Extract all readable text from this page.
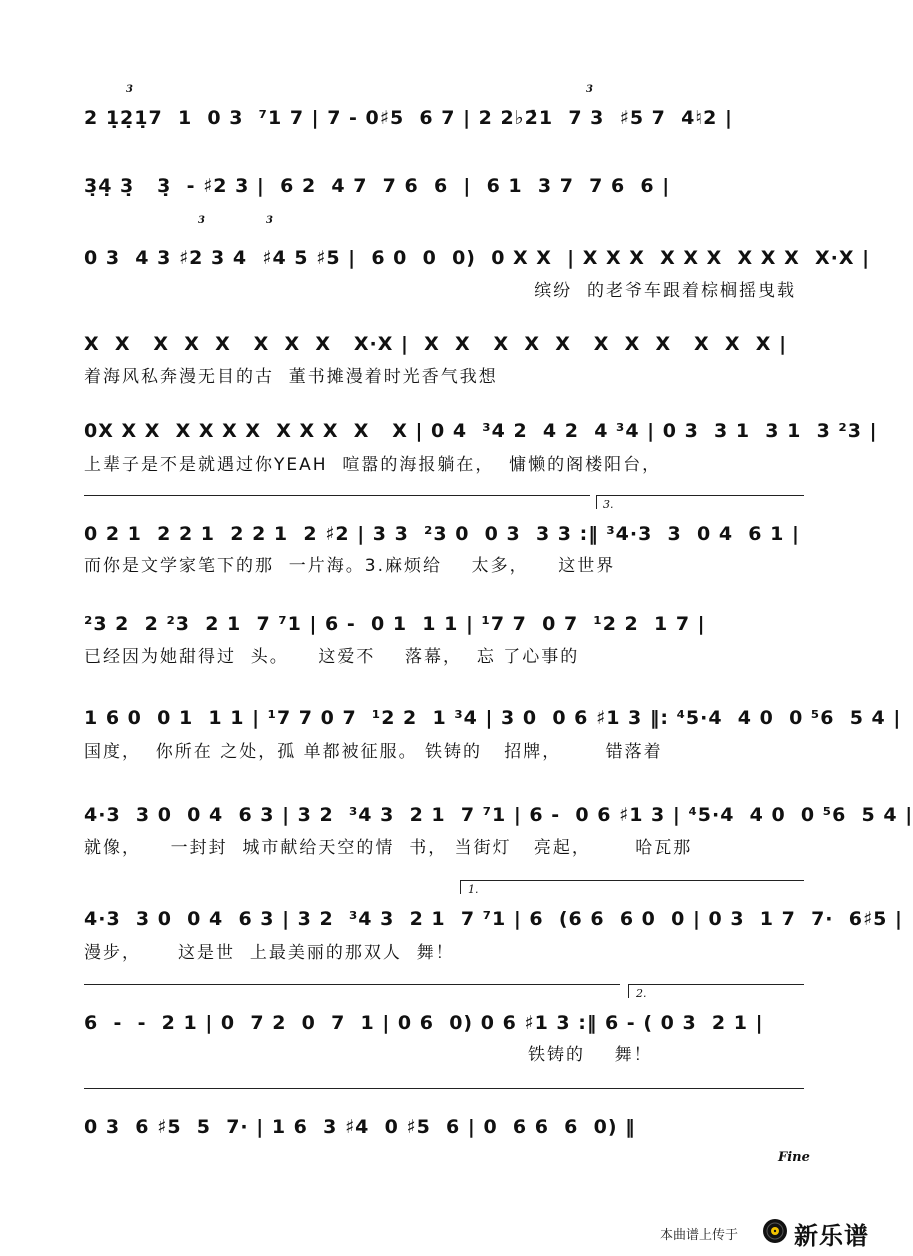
3	3
3	3
2 1̣2̣1̣7  1  0 3  ⁷1 7 | 7 - 0♯5  6 7 | 2 2♭2̇1  7 3  ♯5 7  4♮2 |
3̣4̣ 3̣   3̣  - ♯2 3 |  6 2  4 7  7 6  6  |  6 1  3 7  7 6  6 |
0 3  4 3 ♯2 3 4  ♯4 5 ♯5 |  6 0  0  0)  0 X X  | X X X  X X X  X X X  X·X |
缤纷  的老爷车跟着棕榈摇曳载
X  X   X  X  X   X  X  X   X·X |  X  X   X  X  X   X  X  X   X  X  X |
着海风私奔漫无目的古  董书摊漫着时光香气我想
0X X X  X X X X  X X X  X   X | 0 4  ³4 2  4 2  4 ³4 | 0 3  3 1  3 1  3 ²3 |
上辈子是不是就遇过你YEAH  喧嚣的海报躺在，  慵懒的阁楼阳台，
3.
0 2 1  2 2 1  2 2 1  2 ♯2 | 3 3  ²3 0  0 3  3 3 :‖ ³4·3  3  0 4  6 1 |
而你是文学家笔下的那  一片海。3.麻烦给    太多，    这世界
²3 2  2 ²3  2 1  7 ⁷1 | 6 -  0 1  1 1 | ¹7 7  0 7  ¹2 2  1 7 |
已经因为她甜得过  头。    这爱不    落幕，  忘 了心事的
1 6 0  0 1  1 1 | ¹7 7 0 7  ¹2 2  1 ³4 | 3 0  0 6 ♯1 3 ‖: ⁴5·4  4 0  0 ⁵6  5 4 |
国度，  你所在 之处，孤 单都被征服。 铁铸的   招牌，      错落着
4·3  3 0  0 4  6 3 | 3 2  ³4 3  2 1  7 ⁷1 | 6 -  0 6 ♯1 3 | ⁴5·4  4 0  0 ⁵6  5 4 |
就像，    一封封  城市献给天空的情  书， 当街灯   亮起，      哈瓦那
1.
4·3  3 0  0 4  6 3 | 3 2  ³4 3  2 1  7 ⁷1 | 6  (6 6  6 0  0 | 0 3  1 7  7·  6♯5 |
漫步，     这是世  上最美丽的那双人  舞！
2.
6  -  -  2 1 | 0  7 2  0  7  1 | 0 6  0) 0 6 ♯1 3 :‖ 6 - ( 0 3  2 1 |
铁铸的    舞！
0 3  6 ♯5  5  7· | 1 6  3 ♯4  0 ♯5  6 | 0  6 6  6  0) ‖
Fine
本曲谱上传于 新乐谱
